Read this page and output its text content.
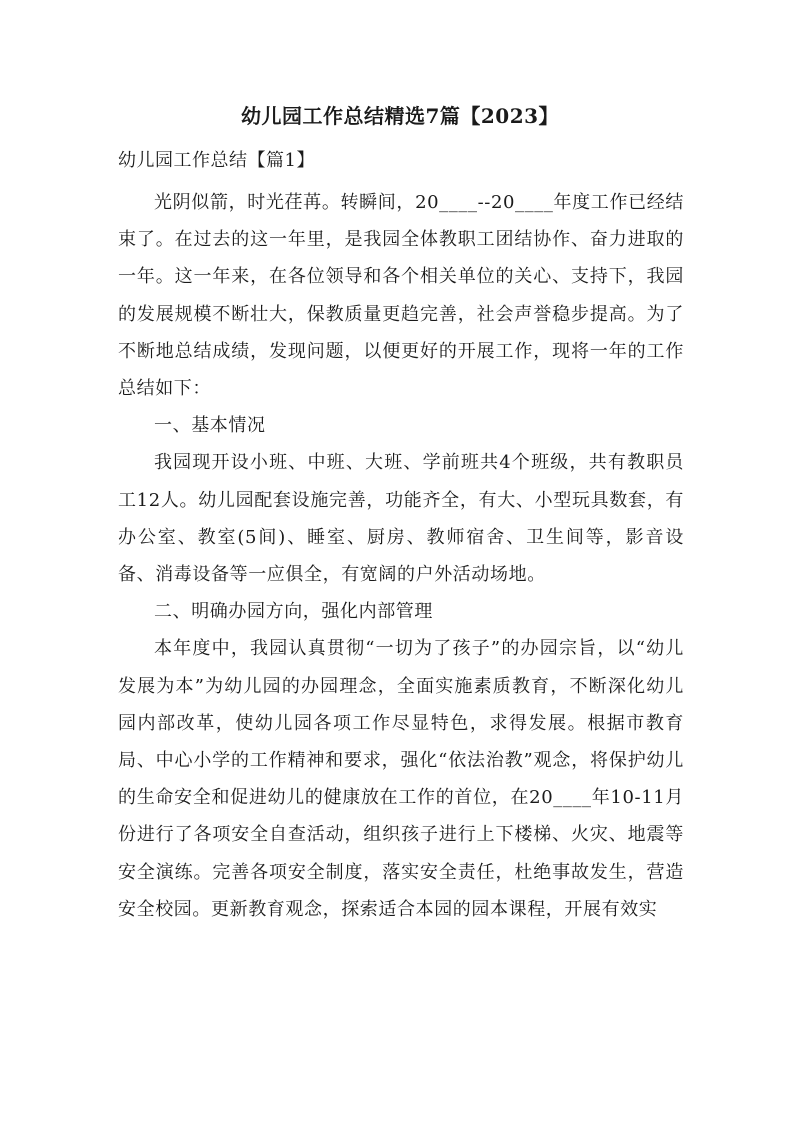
幼儿园工作总结精选7篇【2023】

幼儿园工作总结【篇1】

光阴似箭，时光荏苒。转瞬间，20____--20____年度工作已经结束了。在过去的这一年里，是我园全体教职工团结协作、奋力进取的一年。这一年来，在各位领导和各个相关单位的关心、支持下，我园的发展规模不断壮大，保教质量更趋完善，社会声誉稳步提高。为了不断地总结成绩，发现问题，以便更好的开展工作，现将一年的工作总结如下：

一、基本情况

我园现开设小班、中班、大班、学前班共4个班级，共有教职员工12人。幼儿园配套设施完善，功能齐全，有大、小型玩具数套，有办公室、教室(5间)、睡室、厨房、教师宿舍、卫生间等，影音设备、消毒设备等一应俱全，有宽阔的户外活动场地。

二、明确办园方向，强化内部管理

本年度中，我园认真贯彻“一切为了孩子”的办园宗旨，以“幼儿发展为本”为幼儿园的办园理念，全面实施素质教育，不断深化幼儿园内部改革，使幼儿园各项工作尽显特色，求得发展。根据市教育局、中心小学的工作精神和要求，强化“依法治教”观念，将保护幼儿的生命安全和促进幼儿的健康放在工作的首位，在20____年10-11月份进行了各项安全自查活动，组织孩子进行上下楼梯、火灾、地震等安全演练。完善各项安全制度，落实安全责任，杜绝事故发生，营造安全校园。更新教育观念，探索适合本园的园本课程，开展有效实
